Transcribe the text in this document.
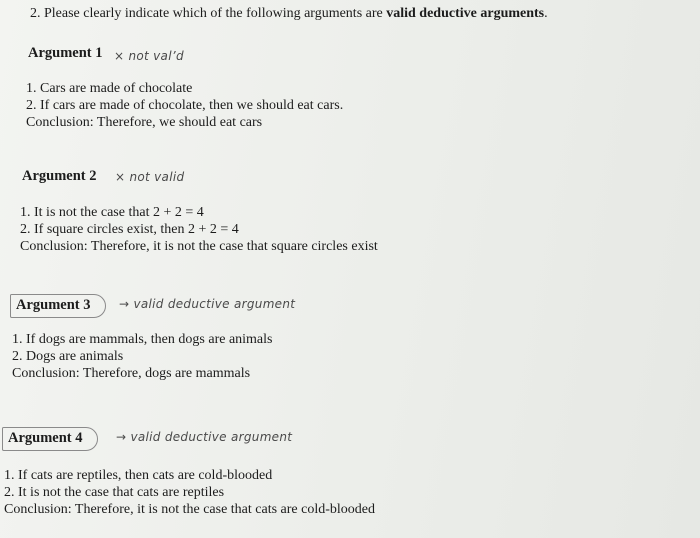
2. Please clearly indicate which of the following arguments are valid deductive arguments.
Argument 1 × not val’d
1. Cars are made of chocolate
2. If cars are made of chocolate, then we should eat cars.
Conclusion: Therefore, we should eat cars
Argument 2 × not valid
1. It is not the case that 2 + 2 = 4
2. If square circles exist, then 2 + 2 = 4
Conclusion: Therefore, it is not the case that square circles exist
Argument 3	→ valid deductive argument
1. If dogs are mammals, then dogs are animals
2. Dogs are animals
Conclusion: Therefore, dogs are mammals
Argument 4	→ valid deductive argument
1. If cats are reptiles, then cats are cold-blooded
2. It is not the case that cats are reptiles
Conclusion: Therefore, it is not the case that cats are cold-blooded
